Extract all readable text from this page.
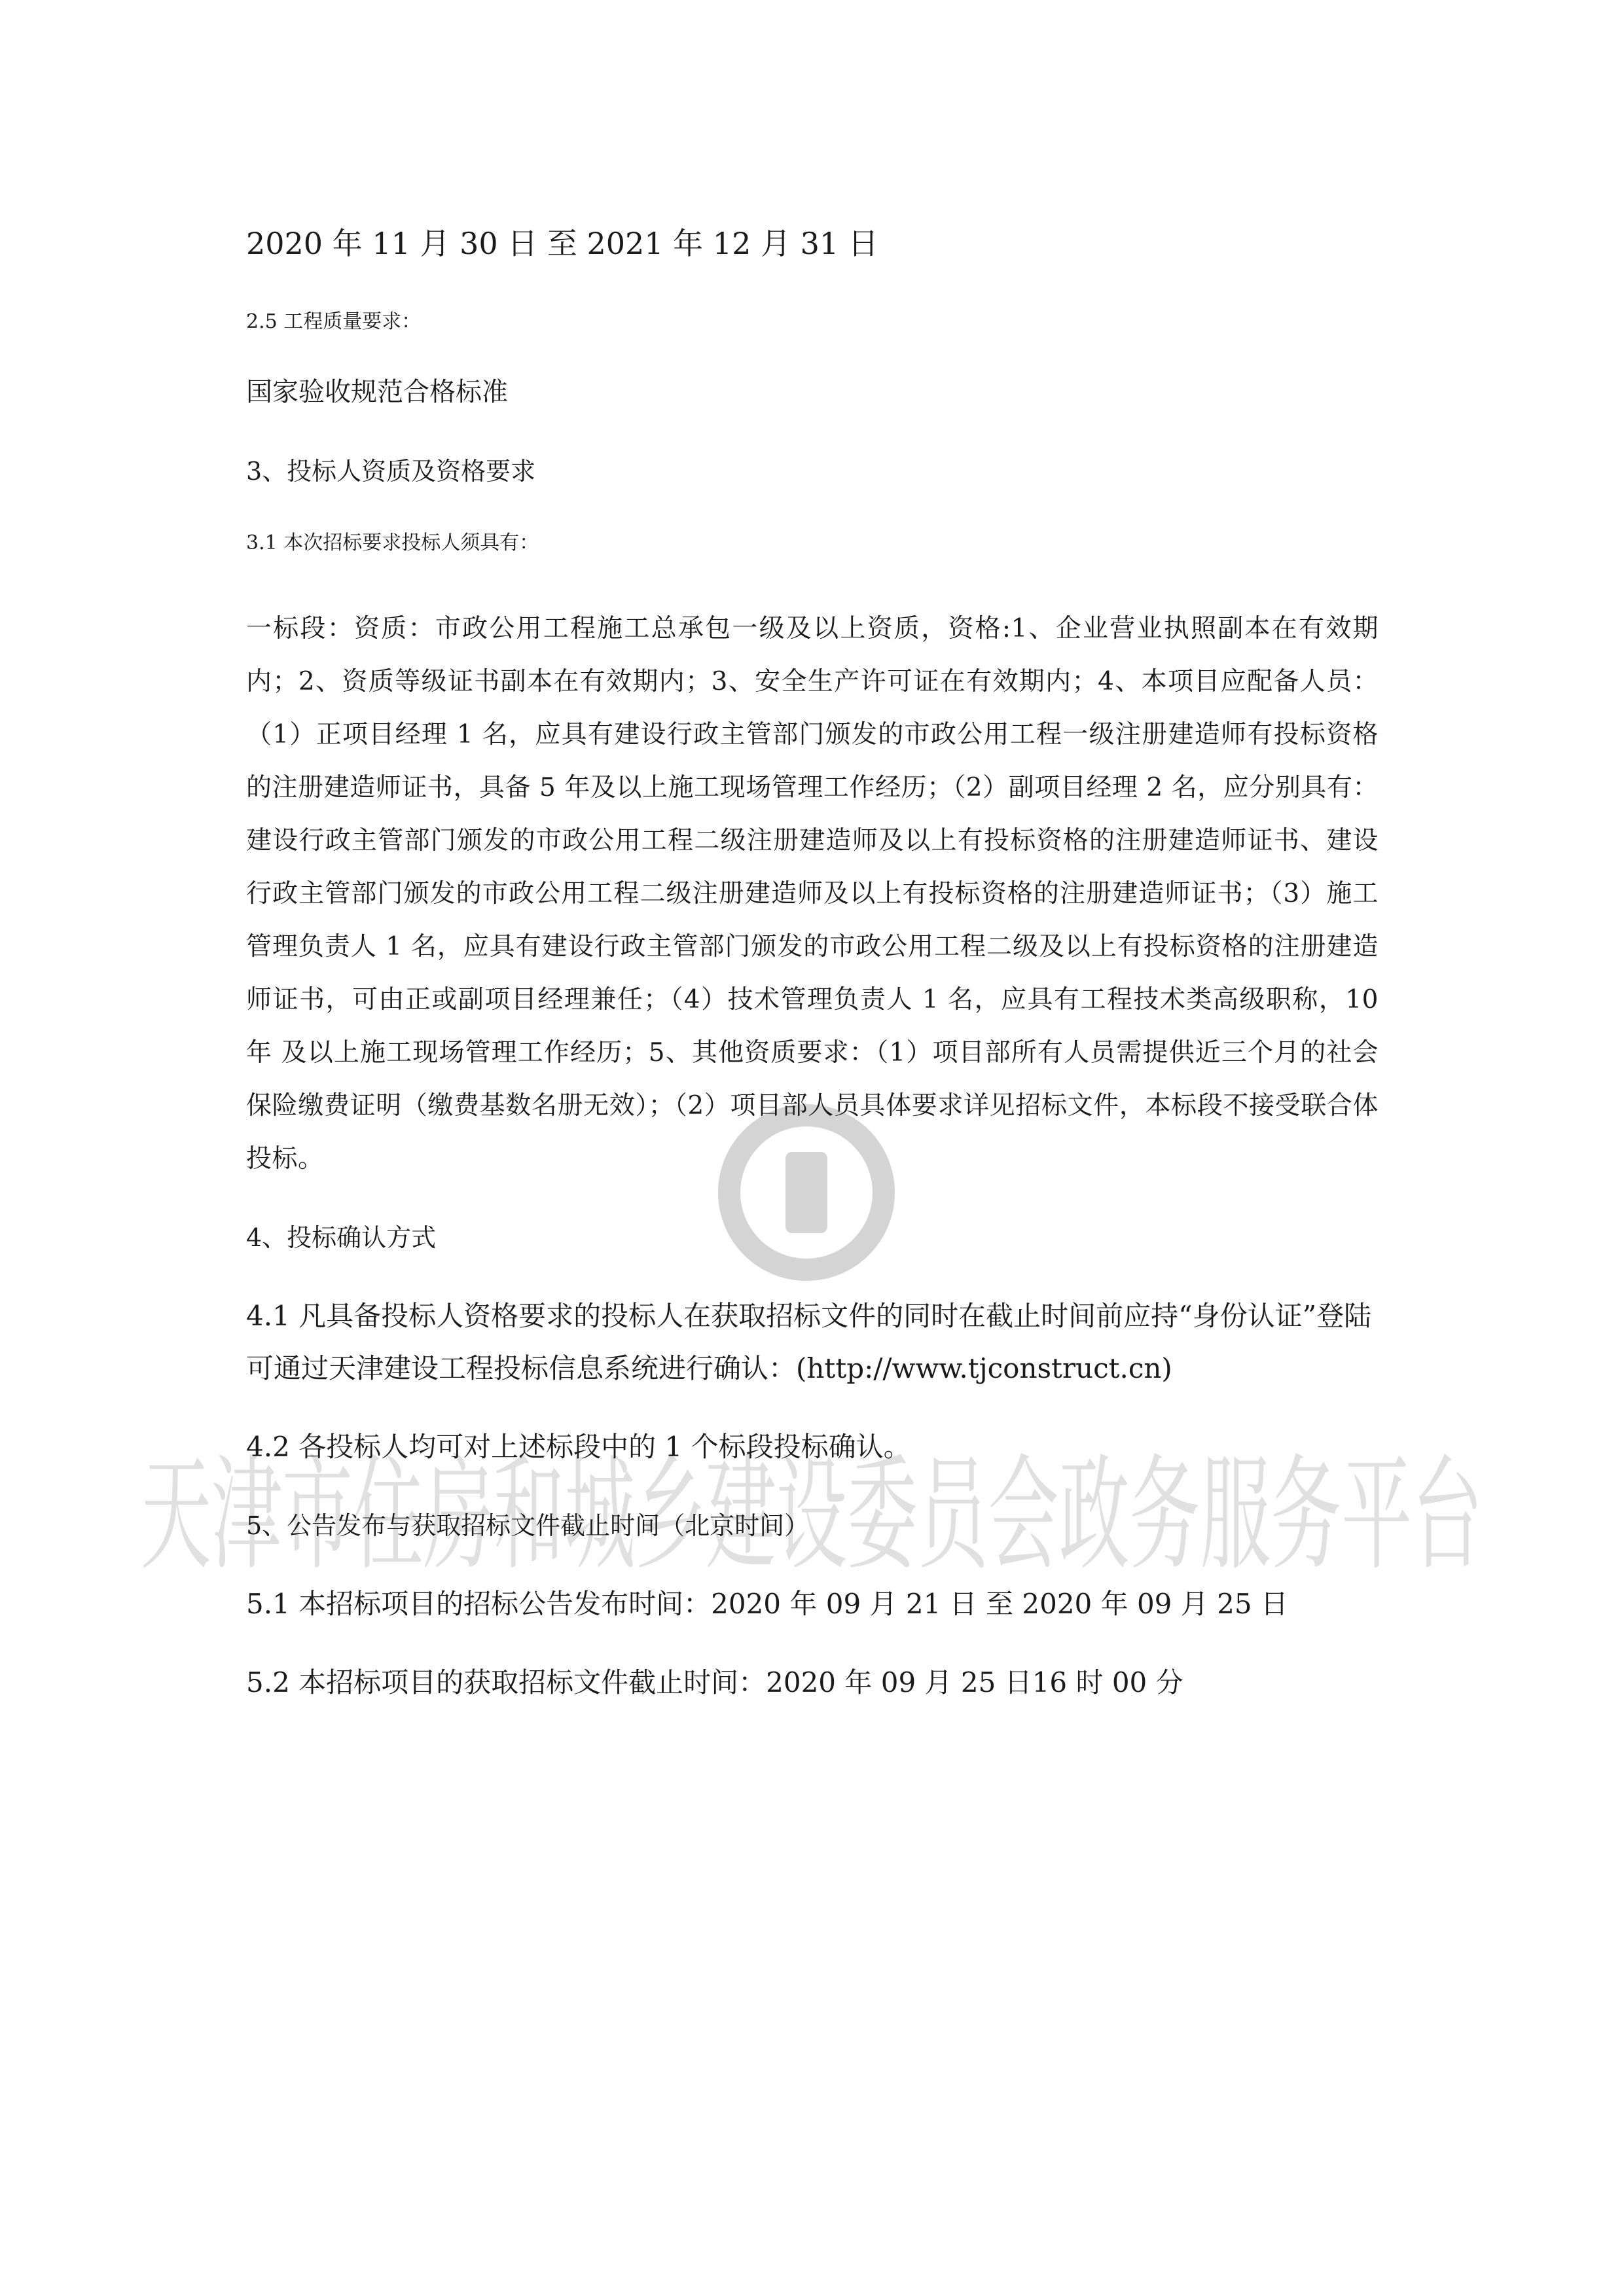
天津市住房和城乡建设委员会政务服务平台

2020 年 11 月 30 日 至 2021 年 12 月 31 日

2.5 工程质量要求：

国家验收规范合格标准

3、投标人资质及资格要求

3.1 本次招标要求投标人须具有：

一标段：资质：市政公用工程施工总承包一级及以上资质，资格:1、企业营业执照副本在有效期内；2、资质等级证书副本在有效期内；3、安全生产许可证在有效期内；4、本项目应配备人员：（1）正项目经理 1 名，应具有建设行政主管部门颁发的市政公用工程一级注册建造师有投标资格的注册建造师证书，具备 5 年及以上施工现场管理工作经历；（2）副项目经理 2 名，应分别具有：建设行政主管部门颁发的市政公用工程二级注册建造师及以上有投标资格的注册建造师证书、建设行政主管部门颁发的市政公用工程二级注册建造师及以上有投标资格的注册建造师证书；（3）施工管理负责人 1 名，应具有建设行政主管部门颁发的市政公用工程二级及以上有投标资格的注册建造师证书，可由正或副项目经理兼任；（4）技术管理负责人 1 名，应具有工程技术类高级职称，10 年 及以上施工现场管理工作经历；5、其他资质要求：（1）项目部所有人员需提供近三个月的社会保险缴费证明（缴费基数名册无效）；（2）项目部人员具体要求详见招标文件，本标段不接受联合体投标。

4、投标确认方式

4.1 凡具备投标人资格要求的投标人在获取招标文件的同时在截止时间前应持“身份认证”登陆可通过天津建设工程投标信息系统进行确认：(http://www.tjconstruct.cn)

4.2 各投标人均可对上述标段中的 1 个标段投标确认。

5、公告发布与获取招标文件截止时间（北京时间）

5.1 本招标项目的招标公告发布时间：2020 年 09 月 21 日 至 2020 年 09 月 25 日

5.2 本招标项目的获取招标文件截止时间：2020 年 09 月 25 日16 时 00 分
